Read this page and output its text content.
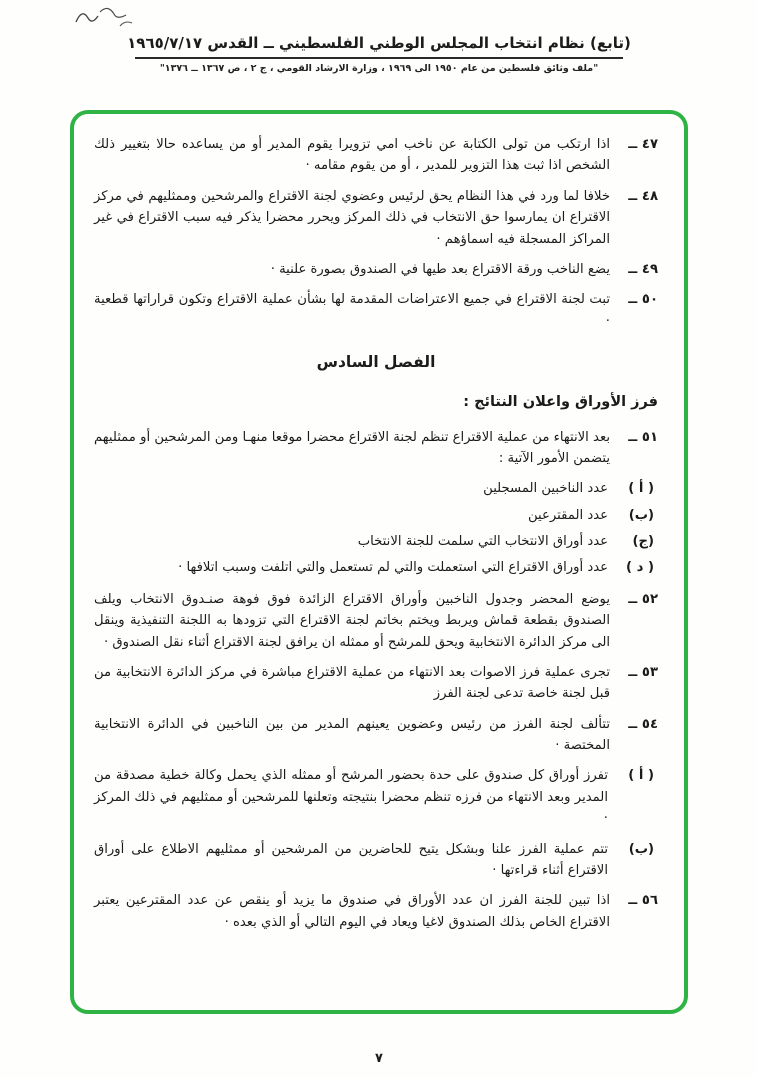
(تابع) نظام انتخاب المجلس الوطني الفلسطيني ــ القدس ١٩٦٥/٧/١٧
"ملف وثائق فلسطين من عام ١٩٥٠ الى ١٩٦٩ ، وزارة الارشاد القومي ، ج ٢ ، ص ١٣٦٧ ــ ١٣٧٦"
٤٧ ــ
اذا ارتكب من تولى الكتابة عن ناخب امي تزويرا يقوم المدير أو من يساعده حالا بتغيير ذلك الشخص اذا ثبت هذا التزوير للمدير ، أو من يقوم مقامه ·
٤٨ ــ
خلافا لما ورد في هذا النظام يحق لرئيس وعضوي لجنة الاقتراع والمرشحين وممثليهم في مركز الاقتراع ان يمارسوا حق الانتخاب في ذلك المركز ويحرر محضرا يذكر فيه سبب الاقتراع في غير المراكز المسجلة فيه اسماؤهم ·
٤٩ ــ
يضع الناخب ورقة الاقتراع بعد طيها في الصندوق بصورة علنية ·
٥٠ ــ
تبت لجنة الاقتراع في جميع الاعتراضات المقدمة لها بشأن عملية الاقتراع وتكون قراراتها قطعية ·
الفصل السادس
فرز الأوراق واعلان النتائج :
٥١ ــ
بعد الانتهاء من عملية الاقتراع تنظم لجنة الاقتراع محضرا موقعا منهـا ومن المرشحين أو ممثليهم يتضمن الأمور الآتية :
( أ )
عدد الناخبين المسجلين
(ب)
عدد المقترعين
(ج)
عدد أوراق الانتخاب التي سلمت للجنة الانتخاب
( د )
عدد أوراق الاقتراع التي استعملت والتي لم تستعمل والتي اتلفت وسبب اتلافها ·
٥٢ ــ
يوضع المحضر وجدول الناخبين وأوراق الاقتراع الزائدة فوق فوهة صنـدوق الانتخاب ويلف الصندوق بقطعة قماش ويربط ويختم بخاتم لجنة الاقتراع التي تزودها به اللجنة التنفيذية وينقل الى مركز الدائرة الانتخابية ويحق للمرشح أو ممثله ان يرافق لجنة الاقتراع أثناء نقل الصندوق ·
٥٣ ــ
تجرى عملية فرز الاصوات بعد الانتهاء من عملية الاقتراع مباشرة في مركز الدائرة الانتخابية من قبل لجنة خاصة تدعى لجنة الفرز
٥٤ ــ
تتألف لجنة الفرز من رئيس وعضوين يعينهم المدير من بين الناخبين في الدائرة الانتخابية المختصة ·
( أ )
تفرز أوراق كل صندوق على حدة بحضور المرشح أو ممثله الذي يحمل وكالة خطية مصدقة من المدير وبعد الانتهاء من فرزه تنظم محضرا بنتيجته وتعلنها للمرشحين أو ممثليهم في ذلك المركز ·
(ب)
تتم عملية الفرز علنا وبشكل يتيح للحاضرين من المرشحين أو ممثليهم الاطلاع على أوراق الاقتراع أثناء قراءتها ·
٥٦ ــ
اذا تبين للجنة الفرز ان عدد الأوراق في صندوق ما يزيد أو ينقص عن عدد المقترعين يعتبر الاقتراع الخاص بذلك الصندوق لاغيا ويعاد في اليوم التالي أو الذي بعده ·
٧
